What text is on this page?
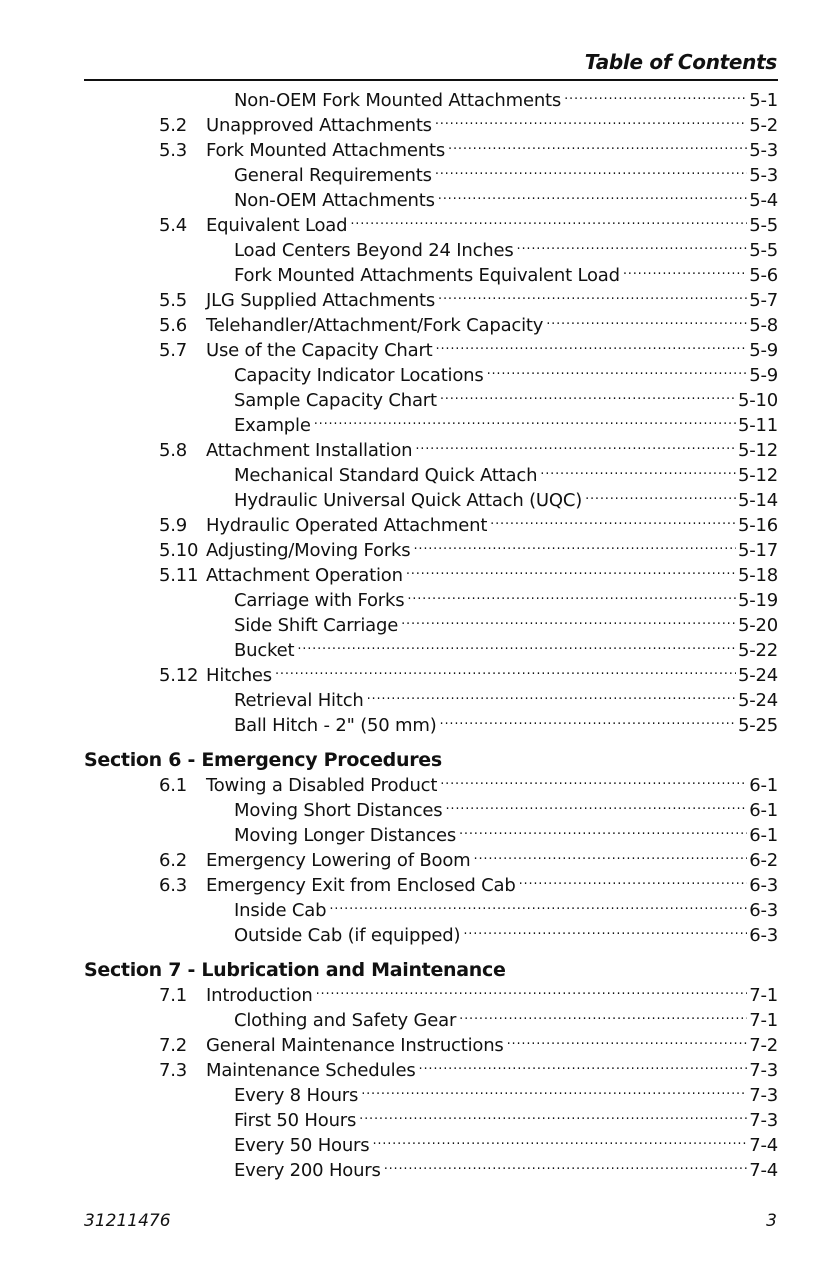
Table of Contents
Non-OEM Fork Mounted Attachments .....	5-1
5.2 Unapproved Attachments .....	5-2
5.3 Fork Mounted Attachments .....	5-3
General Requirements .....	5-3
Non-OEM Attachments .....	5-4
5.4 Equivalent Load .....	5-5
Load Centers Beyond 24 Inches .....	5-5
Fork Mounted Attachments Equivalent Load .....	5-6
5.5 JLG Supplied Attachments .....	5-7
5.6 Telehandler/Attachment/Fork Capacity .....	5-8
5.7 Use of the Capacity Chart .....	5-9
Capacity Indicator Locations .....	5-9
Sample Capacity Chart .....	5-10
Example .....	5-11
5.8 Attachment Installation .....	5-12
Mechanical Standard Quick Attach .....	5-12
Hydraulic Universal Quick Attach (UQC) .....	5-14
5.9 Hydraulic Operated Attachment .....	5-16
5.10 Adjusting/Moving Forks .....	5-17
5.11 Attachment Operation .....	5-18
Carriage with Forks .....	5-19
Side Shift Carriage .....	5-20
Bucket .....	5-22
5.12 Hitches .....	5-24
Retrieval Hitch .....	5-24
Ball Hitch - 2" (50 mm) .....	5-25
Section 6 - Emergency Procedures
6.1 Towing a Disabled Product .....	6-1
Moving Short Distances .....	6-1
Moving Longer Distances .....	6-1
6.2 Emergency Lowering of Boom .....	6-2
6.3 Emergency Exit from Enclosed Cab .....	6-3
Inside Cab .....	6-3
Outside Cab (if equipped) .....	6-3
Section 7 - Lubrication and Maintenance
7.1 Introduction .....	7-1
Clothing and Safety Gear .....	7-1
7.2 General Maintenance Instructions .....	7-2
7.3 Maintenance Schedules .....	7-3
Every 8 Hours .....	7-3
First 50 Hours .....	7-3
Every 50 Hours .....	7-4
Every 200 Hours .....	7-4
31211476	3
